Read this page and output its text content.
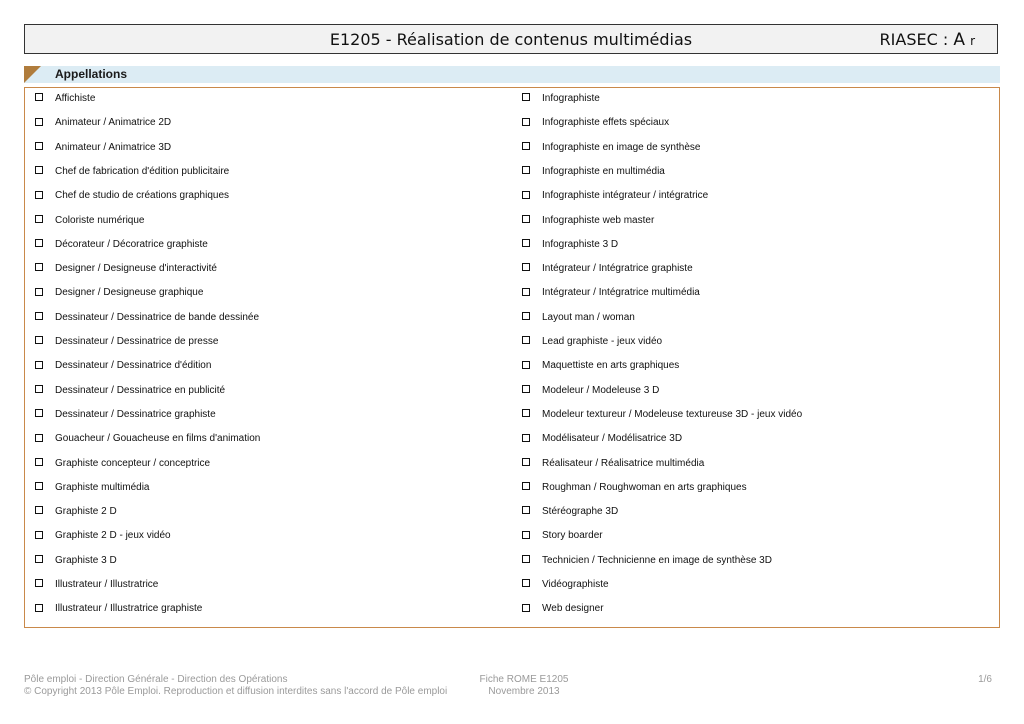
E1205 - Réalisation de contenus multimédias	RIASEC : A r
Appellations
Affichiste
Animateur / Animatrice 2D
Animateur / Animatrice 3D
Chef de fabrication d'édition publicitaire
Chef de studio de créations graphiques
Coloriste numérique
Décorateur / Décoratrice graphiste
Designer / Designeuse d'interactivité
Designer / Designeuse graphique
Dessinateur / Dessinatrice de bande dessinée
Dessinateur / Dessinatrice de presse
Dessinateur / Dessinatrice d'édition
Dessinateur / Dessinatrice en publicité
Dessinateur / Dessinatrice graphiste
Gouacheur / Gouacheuse en films d'animation
Graphiste concepteur / conceptrice
Graphiste multimédia
Graphiste 2 D
Graphiste 2 D - jeux vidéo
Graphiste 3 D
Illustrateur / Illustratrice
Illustrateur / Illustratrice graphiste
Infographiste
Infographiste effets spéciaux
Infographiste en image de synthèse
Infographiste en multimédia
Infographiste intégrateur / intégratrice
Infographiste web master
Infographiste 3 D
Intégrateur / Intégratrice graphiste
Intégrateur / Intégratrice multimédia
Layout man / woman
Lead graphiste - jeux vidéo
Maquettiste en arts graphiques
Modeleur / Modeleuse 3 D
Modeleur textureur / Modeleuse textureuse 3D - jeux vidéo
Modélisateur / Modélisatrice 3D
Réalisateur / Réalisatrice multimédia
Roughman / Roughwoman en arts graphiques
Stéréographe 3D
Story boarder
Technicien / Technicienne en image de synthèse 3D
Vidéographiste
Web designer
Pôle emploi - Direction Générale - Direction des Opérations
© Copyright 2013 Pôle Emploi. Reproduction et diffusion interdites sans l'accord de Pôle emploi
Fiche ROME E1205
Novembre 2013
1/6
